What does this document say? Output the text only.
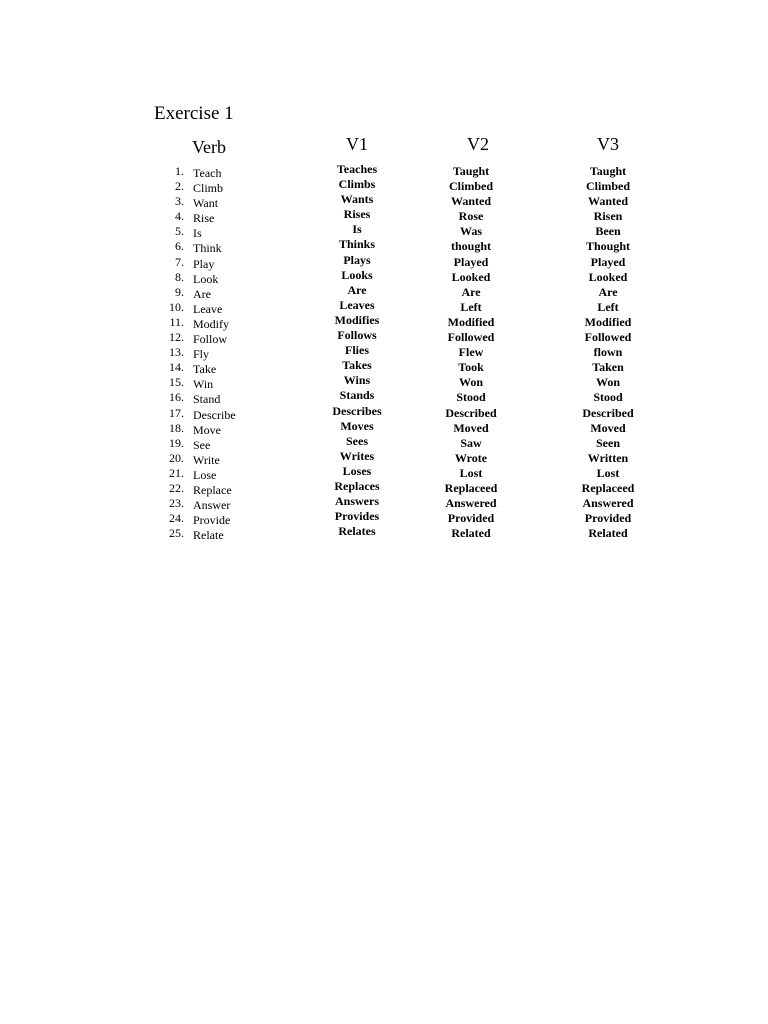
Exercise 1
Verb	V1	V2	V3
1. Teach	Teaches	Taught	Taught
2. Climb	Climbs	Climbed	Climbed
3. Want	Wants	Wanted	Wanted
4. Rise	Rises	Rose	Risen
5. Is	Is	Was	Been
6. Think	Thinks	thought	Thought
7. Play	Plays	Played	Played
8. Look	Looks	Looked	Looked
9. Are	Are	Are	Are
10. Leave	Leaves	Left	Left
11. Modify	Modifies	Modified	Modified
12. Follow	Follows	Followed	Followed
13. Fly	Flies	Flew	flown
14. Take	Takes	Took	Taken
15. Win	Wins	Won	Won
16. Stand	Stands	Stood	Stood
17. Describe	Describes	Described	Described
18. Move	Moves	Moved	Moved
19. See	Sees	Saw	Seen
20. Write	Writes	Wrote	Written
21. Lose	Loses	Lost	Lost
22. Replace	Replaces	Replaceed	Replaceed
23. Answer	Answers	Answered	Answered
24. Provide	Provides	Provided	Provided
25. Relate	Relates	Related	Related
